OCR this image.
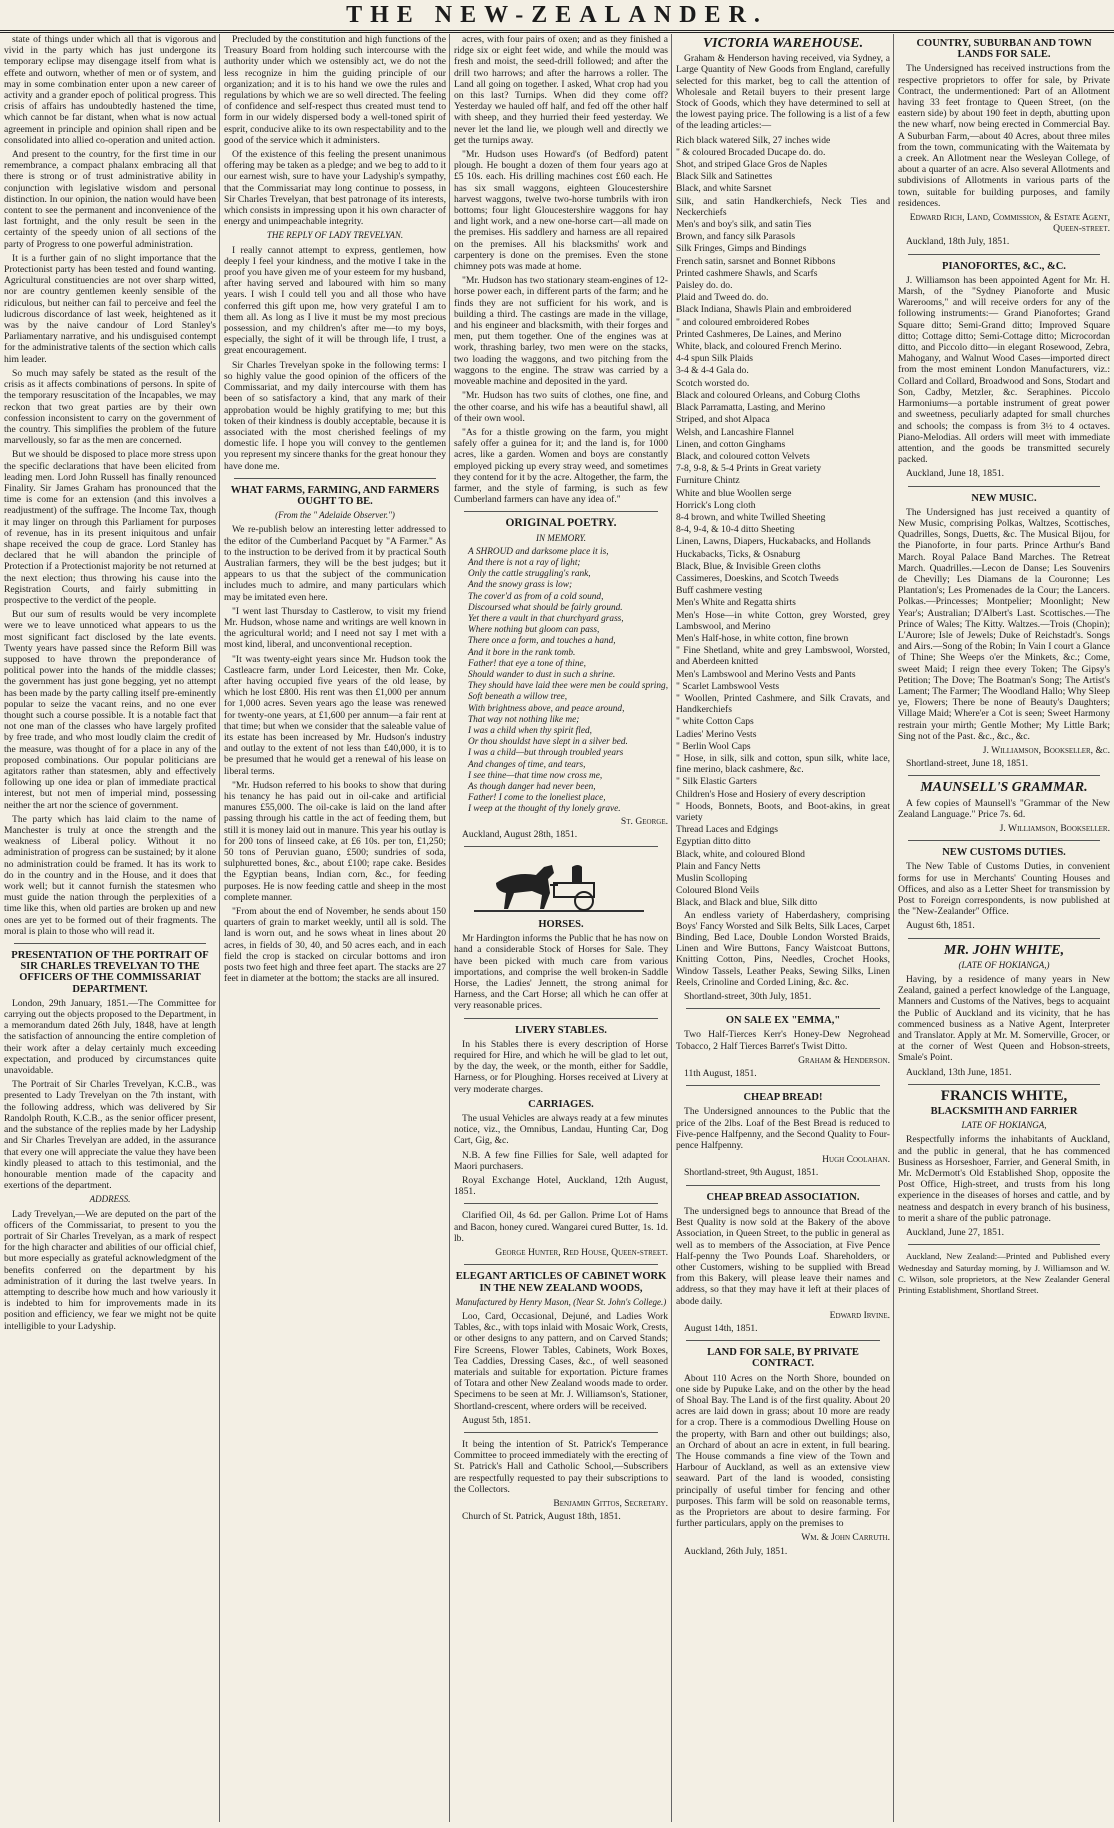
THE NEW-ZEALANDER.

state of things under which all that is vigorous and vivid in the party which has just undergone its temporary eclipse may disengage itself from what is effete and outworn, whether of men or of system, and may in some combination enter upon a new career of activity and a grander epoch of political progress. This crisis of affairs has undoubtedly hastened the time, which cannot be far distant, when what is now actual agreement in principle and opinion shall ripen and be consolidated into allied co-operation and united action.

And present to the country, for the first time in our remembrance, a compact phalanx embracing all that there is strong or of trust administrative ability in conjunction with legislative wisdom and personal distinction. In our opinion, the nation would have been content to see the permanent and inconvenience of the last fortnight, and the only result be seen in the certainty of the speedy union of all sections of the party of Progress to one powerful administration.

It is a further gain of no slight importance that the Protectionist party has been tested and found wanting. Agricultural constituencies are not over sharp witted, nor are country gentlemen keenly sensible of the ridiculous, but neither can fail to perceive and feel the ludicrous discordance of last week, heightened as it was by the naive candour of Lord Stanley's Parliamentary narrative, and his undisguised contempt for the administrative talents of the section which calls him leader.

So much may safely be stated as the result of the crisis as it affects combinations of persons. In spite of the temporary resuscitation of the Incapables, we may reckon that two great parties are by their own confession inconsistent to carry on the government of the country. This simplifies the problem of the future marvellously, so far as the men are concerned.

But we should be disposed to place more stress upon the specific declarations that have been elicited from leading men. Lord John Russell has finally renounced Finality. Sir James Graham has pronounced that the time is come for an extension (and this involves a readjustment) of the suffrage. The Income Tax, though it may linger on through this Parliament for purposes of revenue, has in its present iniquitous and unfair shape received the coup de grace. Lord Stanley has declared that he will abandon the principle of Protection if a Protectionist majority be not returned at the next election; thus throwing his cause into the Registration Courts, and fairly submitting in prospective to the verdict of the people.

But our sum of results would be very incomplete were we to leave unnoticed what appears to us the most significant fact disclosed by the late events. Twenty years have passed since the Reform Bill was supposed to have thrown the preponderance of political power into the hands of the middle classes; the government has just gone begging, yet no attempt has been made by the party calling itself pre-eminently popular to seize the vacant reins, and no one ever thought such a course possible. It is a notable fact that not one man of the classes who have largely profited by free trade, and who most loudly claim the credit of the measure, was thought of for a place in any of the proposed combinations. Our popular politicians are agitators rather than statesmen, ably and effectively following up one idea or plan of immediate practical interest, but not men of imperial mind, possessing neither the art nor the science of government.

The party which has laid claim to the name of Manchester is truly at once the strength and the weakness of Liberal policy. Without it no administration of progress can be sustained; by it alone no administration could be framed. It has its work to do in the country and in the House, and it does that work well; but it cannot furnish the statesmen who must guide the nation through the perplexities of a time like this, when old parties are broken up and new ones are yet to be formed out of their fragments. The moral is plain to those who will read it.

PRESENTATION OF THE PORTRAIT OF SIR CHARLES TREVELYAN TO THE OFFICERS OF THE COMMISSARIAT DEPARTMENT.

London, 29th January, 1851.—The Committee for carrying out the objects proposed to the Department, in a memorandum dated 26th July, 1848, have at length the satisfaction of announcing the entire completion of their work after a delay certainly much exceeding expectation, and produced by circumstances quite unavoidable.

The Portrait of Sir Charles Trevelyan, K.C.B., was presented to Lady Trevelyan on the 7th instant, with the following address, which was delivered by Sir Randolph Routh, K.C.B., as the senior officer present, and the substance of the replies made by her Ladyship and Sir Charles Trevelyan are added, in the assurance that every one will appreciate the value they have been kindly pleased to attach to this testimonial, and the honourable mention made of the capacity and exertions of the department.

ADDRESS.

Lady Trevelyan,—We are deputed on the part of the officers of the Commissariat, to present to you the portrait of Sir Charles Trevelyan, as a mark of respect for the high character and abilities of our official chief, but more especially as grateful acknowledgment of the benefits conferred on the department by his administration of it during the last twelve years. In attempting to describe how much and how variously it is indebted to him for improvements made in its position and efficiency, we fear we might not be quite intelligible to your Ladyship.

Precluded by the constitution and high functions of the Treasury Board from holding such intercourse with the authority under which we ostensibly act, we do not the less recognize in him the guiding principle of our organization; and it is to his hand we owe the rules and regulations by which we are so well directed. The feeling of confidence and self-respect thus created must tend to form in our widely dispersed body a well-toned spirit of esprit, conducive alike to its own respectability and to the good of the service which it administers.

Of the existence of this feeling the present unanimous offering may be taken as a pledge; and we beg to add to it our earnest wish, sure to have your Ladyship's sympathy, that the Commissariat may long continue to possess, in Sir Charles Trevelyan, that best patronage of its interests, which consists in impressing upon it his own character of energy and unimpeachable integrity.

THE REPLY OF LADY TREVELYAN.

I really cannot attempt to express, gentlemen, how deeply I feel your kindness, and the motive I take in the proof you have given me of your esteem for my husband, after having served and laboured with him so many years. I wish I could tell you and all those who have conferred this gift upon me, how very grateful I am to them all. As long as I live it must be my most precious possession, and my children's after me—to my boys, especially, the sight of it will be through life, I trust, a great encouragement.

Sir Charles Trevelyan spoke in the following terms: I so highly value the good opinion of the officers of the Commissariat, and my daily intercourse with them has been of so satisfactory a kind, that any mark of their approbation would be highly gratifying to me; but this token of their kindness is doubly acceptable, because it is associated with the most cherished feelings of my domestic life. I hope you will convey to the gentlemen you represent my sincere thanks for the great honour they have done me.

WHAT FARMS, FARMING, AND FARMERS OUGHT TO BE.
(From the " Adelaide Observer.")

We re-publish below an interesting letter addressed to the editor of the Cumberland Pacquet by "A Farmer." As to the instruction to be derived from it by practical South Australian farmers, they will be the best judges; but it appears to us that the subject of the communication includes much to admire, and many particulars which may be imitated even here.

"I went last Thursday to Castlerow, to visit my friend Mr. Hudson, whose name and writings are well known in the agricultural world; and I need not say I met with a most kind, liberal, and unconventional reception.

"It was twenty-eight years since Mr. Hudson took the Castleacre farm, under Lord Leicester, then Mr. Coke, after having occupied five years of the old lease, by which he lost £800. His rent was then £1,000 per annum for 1,000 acres. Seven years ago the lease was renewed for twenty-one years, at £1,600 per annum—a fair rent at that time; but when we consider that the saleable value of its estate has been increased by Mr. Hudson's industry and outlay to the extent of not less than £40,000, it is to be presumed that he would get a renewal of his lease on liberal terms.

"Mr. Hudson referred to his books to show that during his tenancy he has paid out in oil-cake and artificial manures £55,000. The oil-cake is laid on the land after passing through his cattle in the act of feeding them, but still it is money laid out in manure. This year his outlay is for 200 tons of linseed cake, at £6 10s. per ton, £1,250; 50 tons of Peruvian guano, £500; sundries of soda, sulphuretted bones, &c., about £100; rape cake. Besides the Egyptian beans, Indian corn, &c., for feeding purposes. He is now feeding cattle and sheep in the most complete manner.

"From about the end of November, he sends about 150 quarters of grain to market weekly, until all is sold. The land is worn out, and he sows wheat in lines about 20 acres, in fields of 30, 40, and 50 acres each, and in each field the crop is stacked on circular bottoms and iron posts two feet high and three feet apart. The stacks are 27 feet in diameter at the bottom; the stacks are all insured.

acres, with four pairs of oxen; and as they finished a ridge six or eight feet wide, and while the mould was fresh and moist, the seed-drill followed; and after the drill two harrows; and after the harrows a roller. The Land all going on together. I asked, What crop had you on this last? Turnips. When did they come off? Yesterday we hauled off half, and fed off the other half with sheep, and they hurried their feed yesterday. We never let the land lie, we plough well and directly we get the turnips away.

"Mr. Hudson uses Howard's (of Bedford) patent plough. He bought a dozen of them four years ago at £5 10s. each. His drilling machines cost £60 each. He has six small waggons, eighteen Gloucestershire harvest waggons, twelve two-horse tumbrils with iron bottoms; four light Gloucestershire waggons for hay and light work, and a new one-horse cart—all made on the premises. His saddlery and harness are all repaired on the premises. All his blacksmiths' work and carpentery is done on the premises. Even the stone chimney pots was made at home.

"Mr. Hudson has two stationary steam-engines of 12-horse power each, in different parts of the farm; and he finds they are not sufficient for his work, and is building a third. The castings are made in the village, and his engineer and blacksmith, with their forges and men, put them together. One of the engines was at work, thrashing barley, two men were on the stacks, two loading the waggons, and two pitching from the waggons to the engine. The straw was carried by a moveable machine and deposited in the yard.

"Mr. Hudson has two suits of clothes, one fine, and the other coarse, and his wife has a beautiful shawl, all of their own wool.

"As for a thistle growing on the farm, you might safely offer a guinea for it; and the land is, for 1000 acres, like a garden. Women and boys are constantly employed picking up every stray weed, and sometimes they contend for it by the acre. Altogether, the farm, the farmer, and the style of farming, is such as few Cumberland farmers can have any idea of."

ORIGINAL POETRY.
IN MEMORY.
A SHROUD and darksome place it is,
And there is not a ray of light;
Only the cattle struggling's rank,
And the snowy grass is low;
The cover'd as from of a cold sound,
Discoursed what should be fairly ground.
Yet there a vault in that churchyard grass,
Where nothing but gloom can pass,
There once a form, and touches a hand,
And it bore in the rank tomb.
Father! that eye a tone of thine,
Should wander to dust in such a shrine.
They should have laid thee were men be could spring,
Soft beneath a willow tree,
With brightness above, and peace around,
That way not nothing like me;
I was a child when thy spirit fled,
Or thou shouldst have slept in a silver bed.
I was a child—but through troubled years
And changes of time, and tears,
I see thine—that time now cross me,
As though danger had never been,
Father! I come to the loneliest place,
I weep at the thought of thy lonely grave.
St. George.

Auckland, August 28th, 1851.

HORSES.

Mr Hardington informs the Public that he has now on hand a considerable Stock of Horses for Sale. They have been picked with much care from various importations, and comprise the well broken-in Saddle Horse, the Ladies' Jennett, the strong animal for Harness, and the Cart Horse; all which he can offer at very reasonable prices.

LIVERY STABLES.

In his Stables there is every description of Horse required for Hire, and which he will be glad to let out, by the day, the week, or the month, either for Saddle, Harness, or for Ploughing. Horses received at Livery at very moderate charges.

CARRIAGES.

The usual Vehicles are always ready at a few minutes notice, viz., the Omnibus, Landau, Hunting Car, Dog Cart, Gig, &c.

N.B. A few fine Fillies for Sale, well adapted for Maori purchasers.

Royal Exchange Hotel, Auckland, 12th August, 1851.

Clarified Oil, 4s 6d. per Gallon. Prime Lot of Hams and Bacon, honey cured. Wangarei cured Butter, 1s. 1d. lb.

George Hunter, Red House, Queen-street.
ELEGANT ARTICLES OF CABINET WORK IN THE NEW ZEALAND WOODS,
Manufactured by Henry Mason, (Near St. John's College.)

Loo, Card, Occasional, Dejuné, and Ladies Work Tables, &c., with tops inlaid with Mosaic Work, Crests, or other designs to any pattern, and on Carved Stands; Fire Screens, Flower Tables, Cabinets, Work Boxes, Tea Caddies, Dressing Cases, &c., of well seasoned materials and suitable for exportation. Picture frames of Totara and other New Zealand woods made to order. Specimens to be seen at Mr. J. Williamson's, Stationer, Shortland-crescent, where orders will be received.

August 5th, 1851.

It being the intention of St. Patrick's Temperance Committee to proceed immediately with the erecting of St. Patrick's Hall and Catholic School,—Subscribers are respectfully requested to pay their subscriptions to the Collectors.

Benjamin Gittos, Secretary.

Church of St. Patrick, August 18th, 1851.

VICTORIA WAREHOUSE.

Graham & Henderson having received, via Sydney, a Large Quantity of New Goods from England, carefully selected for this market, beg to call the attention of Wholesale and Retail buyers to their present large Stock of Goods, which they have determined to sell at the lowest paying price. The following is a list of a few of the leading articles:—

Rich black watered Silk, 27 inches wide
" & coloured Brocaded Ducape do. do.
Shot, and striped Glace Gros de Naples
Black Silk and Satinettes
Black, and white Sarsnet
Silk, and satin Handkerchiefs, Neck Ties and Neckerchiefs
Men's and boy's silk, and satin Ties
Brown, and fancy silk Parasols
Silk Fringes, Gimps and Bindings
French satin, sarsnet and Bonnet Ribbons
Printed cashmere Shawls, and Scarfs
Paisley do. do.
Plaid and Tweed do. do.
Black Indiana, Shawls Plain and embroidered
" and coloured embroidered Robes
Printed Cashmeres, De Laines, and Merino
White, black, and coloured French Merino.
4-4 spun Silk Plaids
3-4 & 4-4 Gala do.
Scotch worsted do.
Black and coloured Orleans, and Coburg Cloths
Black Parramatta, Lasting, and Merino
Striped, and shot Alpaca
Welsh, and Lancashire Flannel
Linen, and cotton Ginghams
Black, and coloured cotton Velvets
7-8, 9-8, & 5-4 Prints in Great variety
Furniture Chintz
White and blue Woollen serge
Horrick's Long cloth
8-4 brown, and white Twilled Sheeting
8-4, 9-4, & 10-4 ditto Sheeting
Linen, Lawns, Diapers, Huckabacks, and Hollands
Huckabacks, Ticks, & Osnaburg
Black, Blue, & Invisible Green cloths
Cassimeres, Doeskins, and Scotch Tweeds
Buff cashmere vesting
Men's White and Regatta shirts
Men's Hose—in white Cotton, grey Worsted, grey Lambswool, and Merino
Men's Half-hose, in white cotton, fine brown
" Fine Shetland, white and grey Lambswool, Worsted, and Aberdeen knitted
Men's Lambswool and Merino Vests and Pants
" Scarlet Lambswool Vests
" Woollen, Printed Cashmere, and Silk Cravats, and Handkerchiefs
" white Cotton Caps
Ladies' Merino Vests
" Berlin Wool Caps
" Hose, in silk, silk and cotton, spun silk, white lace, fine merino, black cashmere, &c.
" Silk Elastic Garters
Children's Hose and Hosiery of every description
" Hoods, Bonnets, Boots, and Boot-akins, in great variety
Thread Laces and Edgings
Egyptian ditto ditto
Black, white, and coloured Blond
Plain and Fancy Netts
Muslin Scolloping
Coloured Blond Veils
Black, and Black and blue, Silk ditto

An endless variety of Haberdashery, comprising Boys' Fancy Worsted and Silk Belts, Silk Laces, Carpet Binding, Bed Lace, Double London Worsted Braids, Linen and Wire Buttons, Fancy Waistcoat Buttons, Knitting Cotton, Pins, Needles, Crochet Hooks, Window Tassels, Leather Peaks, Sewing Silks, Linen Reels, Crinoline and Corded Lining, &c. &c.

Shortland-street, 30th July, 1851.

ON SALE EX "EMMA,"

Two Half-Tierces Kerr's Honey-Dew Negrohead Tobacco, 2 Half Tierces Barret's Twist Ditto.

Graham & Henderson.

11th August, 1851.

CHEAP BREAD!

The Undersigned announces to the Public that the price of the 2lbs. Loaf of the Best Bread is reduced to Five-pence Halfpenny, and the Second Quality to Four-pence Halfpenny.

Hugh Coolahan.

Shortland-street, 9th August, 1851.

CHEAP BREAD ASSOCIATION.

The undersigned begs to announce that Bread of the Best Quality is now sold at the Bakery of the above Association, in Queen Street, to the public in general as well as to members of the Association, at Five Pence Half-penny the Two Pounds Loaf. Shareholders, or other Customers, wishing to be supplied with Bread from this Bakery, will please leave their names and address, so that they may have it left at their places of abode daily.

Edward Irvine.

August 14th, 1851.

LAND FOR SALE, BY PRIVATE CONTRACT.

About 110 Acres on the North Shore, bounded on one side by Pupuke Lake, and on the other by the head of Shoal Bay. The Land is of the first quality. About 20 acres are laid down in grass; about 10 more are ready for a crop. There is a commodious Dwelling House on the property, with Barn and other out buildings; also, an Orchard of about an acre in extent, in full bearing. The House commands a fine view of the Town and Harbour of Auckland, as well as an extensive view seaward. Part of the land is wooded, consisting principally of useful timber for fencing and other purposes. This farm will be sold on reasonable terms, as the Proprietors are about to desire farming. For further particulars, apply on the premises to

Wm. & John Carruth.

Auckland, 26th July, 1851.

COUNTRY, SUBURBAN AND TOWN LANDS FOR SALE.

The Undersigned has received instructions from the respective proprietors to offer for sale, by Private Contract, the undermentioned: Part of an Allotment having 33 feet frontage to Queen Street, (on the eastern side) by about 190 feet in depth, abutting upon the new wharf, now being erected in Commercial Bay. A Suburban Farm,—about 40 Acres, about three miles from the town, communicating with the Waitemata by a creek. An Allotment near the Wesleyan College, of about a quarter of an acre. Also several Allotments and subdivisions of Allotments in various parts of the town, suitable for building purposes, and family residences.

Edward Rich, Land, Commission, & Estate Agent, Queen-street.

Auckland, 18th July, 1851.

PIANOFORTES, &C., &C.

J. Williamson has been appointed Agent for Mr. H. Marsh, of the "Sydney Pianoforte and Music Warerooms," and will receive orders for any of the following instruments:— Grand Pianofortes; Grand Square ditto; Semi-Grand ditto; Improved Square ditto; Cottage ditto; Semi-Cottage ditto; Microcordan ditto, and Piccolo ditto—in elegant Rosewood, Zebra, Mahogany, and Walnut Wood Cases—imported direct from the most eminent London Manufacturers, viz.: Collard and Collard, Broadwood and Sons, Stodart and Son, Cadby, Metzler, &c. Seraphines. Piccolo Harmoniums—a portable instrument of great power and sweetness, peculiarly adapted for small churches and schools; the compass is from 3½ to 4 octaves. Piano-Melodias. All orders will meet with immediate attention, and the goods be transmitted securely packed.

Auckland, June 18, 1851.

NEW MUSIC.

The Undersigned has just received a quantity of New Music, comprising Polkas, Waltzes, Scottisches, Quadrilles, Songs, Duetts, &c. The Musical Bijou, for the Pianoforte, in four parts. Prince Arthur's Band March. Royal Palace Band Marches. The Retreat March. Quadrilles.—Lecon de Danse; Les Souvenirs de Chevilly; Les Diamans de la Couronne; Les Plantation's; Les Promenades de la Cour; the Lancers. Polkas.—Princesses; Montpelier; Moonlight; New Year's; Australian; D'Albert's Last. Scottisches.—The Prince of Wales; The Kitty. Waltzes.—Trois (Chopin); L'Aurore; Isle of Jewels; Duke of Reichstadt's. Songs and Airs.—Song of the Robin; In Vain I court a Glance of Thine; She Weeps o'er the Minkets, &c.; Come, sweet Maid; I reign thee every Token; The Gipsy's Petition; The Dove; The Boatman's Song; The Artist's Lament; The Farmer; The Woodland Hallo; Why Sleep ye, Flowers; There be none of Beauty's Daughters; Village Maid; Where'er a Cot is seen; Sweet Harmony restrain your mirth; Gentle Mother; My Little Bark; Sing not of the Past. &c., &c., &c.

J. Williamson, Bookseller, &c.

Shortland-street, June 18, 1851.

MAUNSELL'S GRAMMAR.

A few copies of Maunsell's "Grammar of the New Zealand Language." Price 7s. 6d.

J. Williamson, Bookseller.
NEW CUSTOMS DUTIES.

The New Table of Customs Duties, in convenient forms for use in Merchants' Counting Houses and Offices, and also as a Letter Sheet for transmission by Post to Foreign correspondents, is now published at the "New-Zealander" Office.

August 6th, 1851.

MR. JOHN WHITE,
(LATE OF HOKIANGA,)

Having, by a residence of many years in New Zealand, gained a perfect knowledge of the Language, Manners and Customs of the Natives, begs to acquaint the Public of Auckland and its vicinity, that he has commenced business as a Native Agent, Interpreter and Translator. Apply at Mr. M. Somerville, Grocer, or at the corner of West Queen and Hobson-streets, Smale's Point.

Auckland, 13th June, 1851.

FRANCIS WHITE,
BLACKSMITH AND FARRIER
LATE OF HOKIANGA,

Respectfully informs the inhabitants of Auckland, and the public in general, that he has commenced Business as Horseshoer, Farrier, and General Smith, in Mr. McDermott's Old Established Shop, opposite the Post Office, High-street, and trusts from his long experience in the diseases of horses and cattle, and by neatness and despatch in every branch of his business, to merit a share of the public patronage.

Auckland, June 27, 1851.

Auckland, New Zealand:—Printed and Published every Wednesday and Saturday morning, by J. Williamson and W. C. Wilson, sole proprietors, at the New Zealander General Printing Establishment, Shortland Street.
